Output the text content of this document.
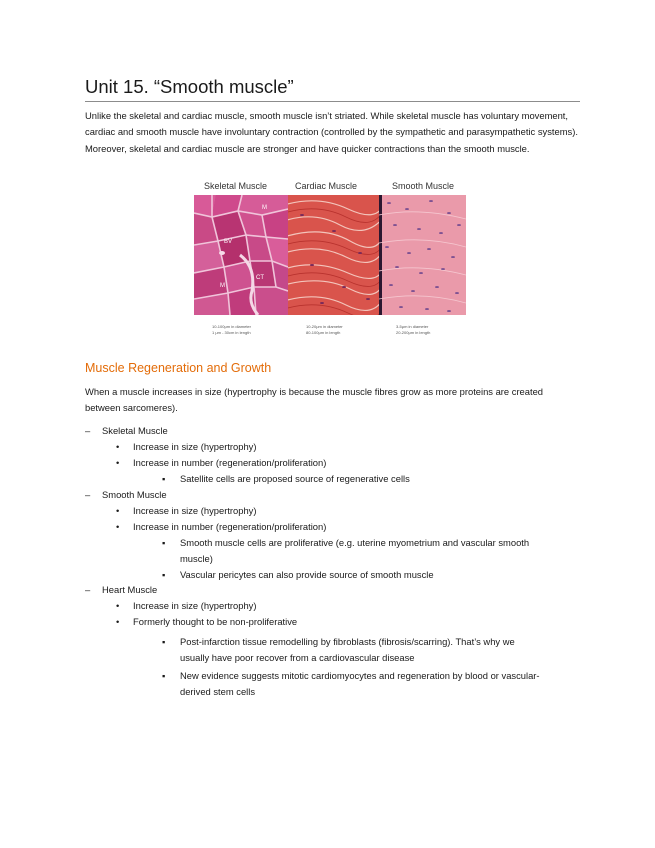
Unit 15. “Smooth muscle”

Unlike the skeletal and cardiac muscle, smooth muscle isn’t striated. While skeletal muscle has voluntary movement, cardiac and smooth muscle have involuntary contraction (controlled by the sympathetic and parasympathetic systems). Moreover, skeletal and cardiac muscle are stronger and have quicker contractions than the smooth muscle.

Skeletal Muscle	Cardiac Muscle	Smooth Muscle
M
BV
CT
M
10-100μm in diameter
1 μm - 30cm in length
10-20μm in diameter
80-100μm in length
3-5μm in diameter
20-200μm in length
Muscle Regeneration and Growth

When a muscle increases in size (hypertrophy is because the muscle fibres grow as more proteins are created between sarcomeres).

– Skeletal Muscle
• Increase in size (hypertrophy)
• Increase in number (regeneration/proliferation)
▪ Satellite cells are proposed source of regenerative cells
– Smooth Muscle
• Increase in size (hypertrophy)
• Increase in number (regeneration/proliferation)
▪ Smooth muscle cells are proliferative (e.g. uterine myometrium and vascular smooth
muscle)
▪ Vascular pericytes can also provide source of smooth muscle
– Heart Muscle
• Increase in size (hypertrophy)
• Formerly thought to be non-proliferative
▪ Post-infarction tissue remodelling by fibroblasts (fibrosis/scarring). That’s why we
usually have poor recover from a cardiovascular disease
▪ New evidence suggests mitotic cardiomyocytes and regeneration by blood or vascular-
derived stem cells
